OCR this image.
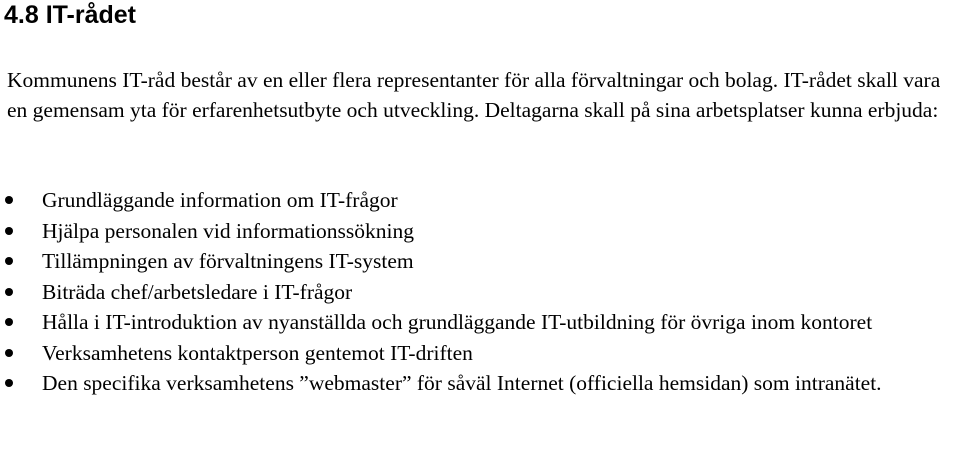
4.8 IT-rådet

Kommunens IT-råd består av en eller flera representanter för alla förvaltningar och bolag. IT-rådet skall vara en gemensam yta för erfarenhetsutbyte och utveckling. Deltagarna skall på sina arbetsplatser kunna erbjuda:

Grundläggande information om IT-frågor
Hjälpa personalen vid informationssökning
Tillämpningen av förvaltningens IT-system
Biträda chef/arbetsledare i IT-frågor
Hålla i IT-introduktion av nyanställda och grundläggande IT-utbildning för övriga inom kontoret
Verksamhetens kontaktperson gentemot IT-driften
Den specifika verksamhetens ”webmaster” för såväl Internet (officiella hemsidan) som intranätet.
